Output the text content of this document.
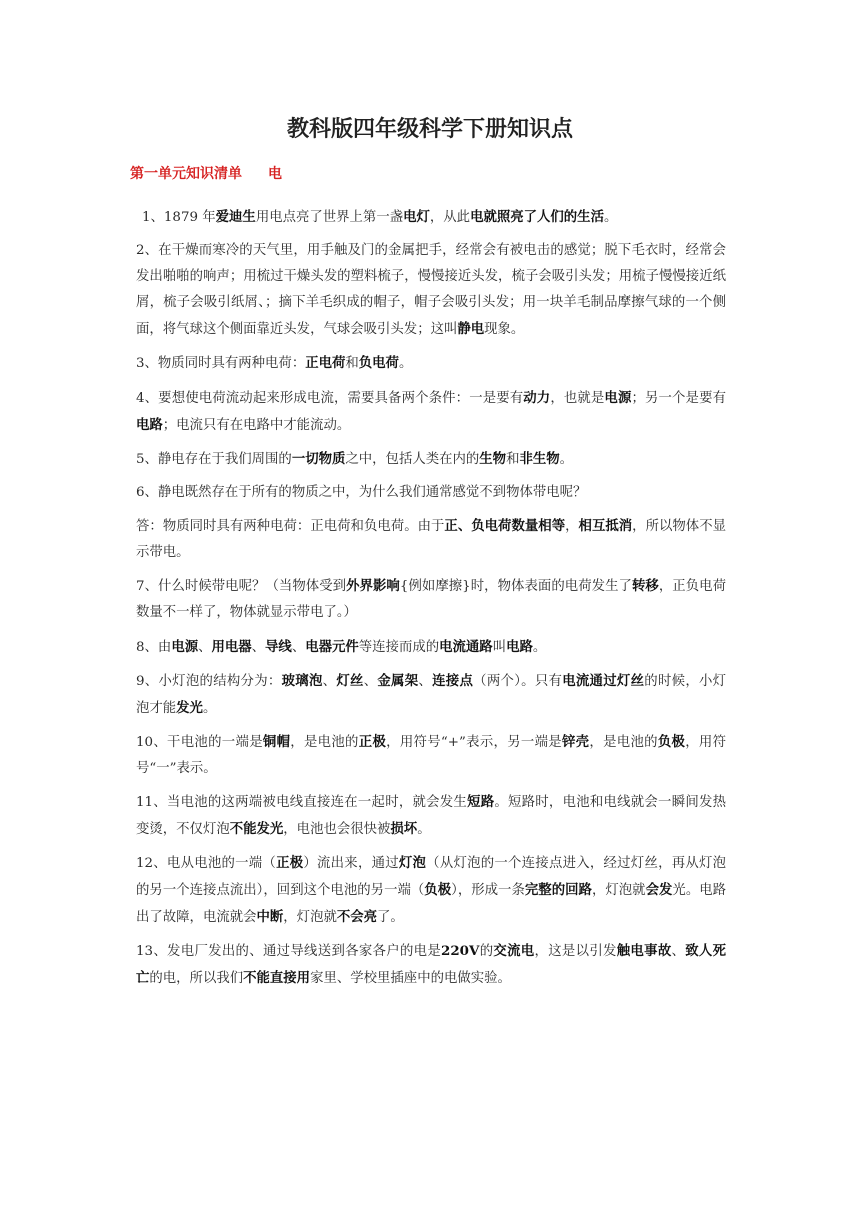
教科版四年级科学下册知识点
第一单元知识清单 电

1、1879 年爱迪生用电点亮了世界上第一盏电灯，从此电就照亮了人们的生活。

2、在干燥而寒冷的天气里，用手触及门的金属把手，经常会有被电击的感觉；脱下毛衣时，经常会发出啪啪的响声；用梳过干燥头发的塑料梳子，慢慢接近头发，梳子会吸引头发；用梳子慢慢接近纸屑，梳子会吸引纸屑、；摘下羊毛织成的帽子，帽子会吸引头发；用一块羊毛制品摩擦气球的一个侧面，将气球这个侧面靠近头发，气球会吸引头发；这叫静电现象。

3、物质同时具有两种电荷：正电荷和负电荷。

4、要想使电荷流动起来形成电流，需要具备两个条件：一是要有动力，也就是电源；另一个是要有电路；电流只有在电路中才能流动。

5、静电存在于我们周围的一切物质之中，包括人类在内的生物和非生物。

6、静电既然存在于所有的物质之中，为什么我们通常感觉不到物体带电呢？

答：物质同时具有两种电荷：正电荷和负电荷。由于正、负电荷数量相等，相互抵消，所以物体不显示带电。

7、什么时候带电呢？（当物体受到外界影响{例如摩擦}时，物体表面的电荷发生了转移，正负电荷数量不一样了，物体就显示带电了。）

8、由电源、用电器、导线、电器元件等连接而成的电流通路叫电路。

9、小灯泡的结构分为：玻璃泡、灯丝、金属架、连接点（两个）。只有电流通过灯丝的时候，小灯泡才能发光。

10、干电池的一端是铜帽，是电池的正极，用符号“+”表示，另一端是锌壳，是电池的负极，用符号“一”表示。

11、当电池的这两端被电线直接连在一起时，就会发生短路。短路时，电池和电线就会一瞬间发热变烫，不仅灯泡不能发光，电池也会很快被损坏。

12、电从电池的一端（正极）流出来，通过灯泡（从灯泡的一个连接点进入，经过灯丝，再从灯泡的另一个连接点流出），回到这个电池的另一端（负极），形成一条完整的回路，灯泡就会发光。电路出了故障，电流就会中断，灯泡就不会亮了。

13、发电厂发出的、通过导线送到各家各户的电是220V的交流电，这是以引发触电事故、致人死亡的电，所以我们不能直接用家里、学校里插座中的电做实验。
